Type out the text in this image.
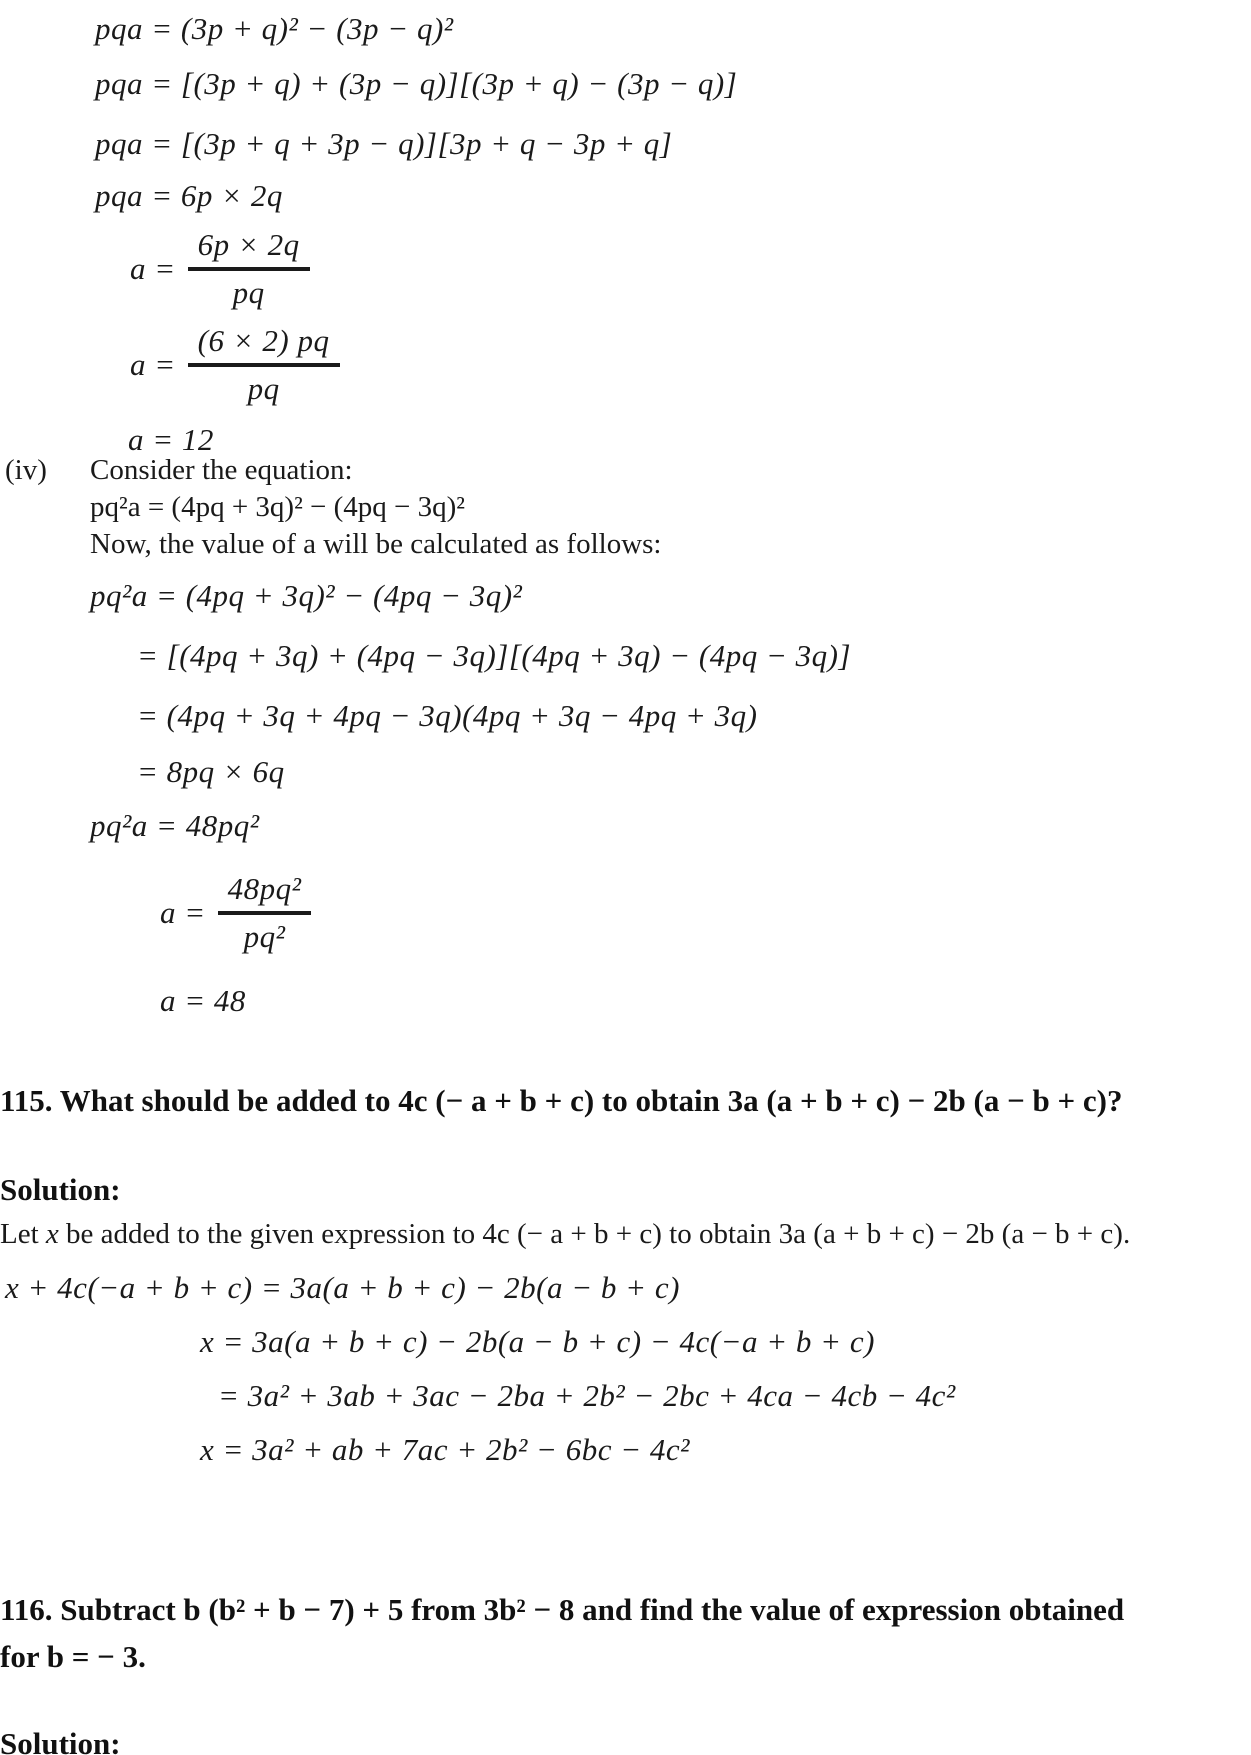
pqa = (3p + q)² − (3p − q)²
pqa = [(3p + q) + (3p − q)][(3p + q) − (3p − q)]
pqa = [(3p + q + 3p − q)][3p + q − 3p + q]
pqa = 6p × 2q
$a = \frac{6p \times 2q}{pq}$
$a = \frac{(6 \times 2) pq}{pq}$
a = 12
(iv) Consider the equation:
pq²a = (4pq + 3q)² − (4pq − 3q)²
Now, the value of a will be calculated as follows:
pq²a = (4pq + 3q)² − (4pq − 3q)²
= [(4pq + 3q) + (4pq − 3q)][(4pq + 3q) − (4pq − 3q)]
= (4pq + 3q + 4pq − 3q)(4pq + 3q − 4pq + 3q)
= 8pq × 6q
pq²a = 48pq²
$a = \frac{\text{48pq²}}{\text{pq²}}$
a = 48
115. What should be added to 4c (− a + b + c) to obtain 3a (a + b + c) − 2b (a − b + c)?
Solution:

Let x be added to the given expression to 4c (− a + b + c) to obtain 3a (a + b + c) − 2b (a − b + c).

x + 4c(−a + b + c) = 3a(a + b + c) − 2b(a − b + c)
x = 3a(a + b + c) − 2b(a − b + c) − 4c(−a + b + c)
= 3a² + 3ab + 3ac − 2ba + 2b² − 2bc + 4ca − 4cb − 4c²
x = 3a² + ab + 7ac + 2b² − 6bc − 4c²
116. Subtract b (b² + b − 7) + 5 from 3b² − 8 and find the value of expression obtained for b = − 3.
Solution:
